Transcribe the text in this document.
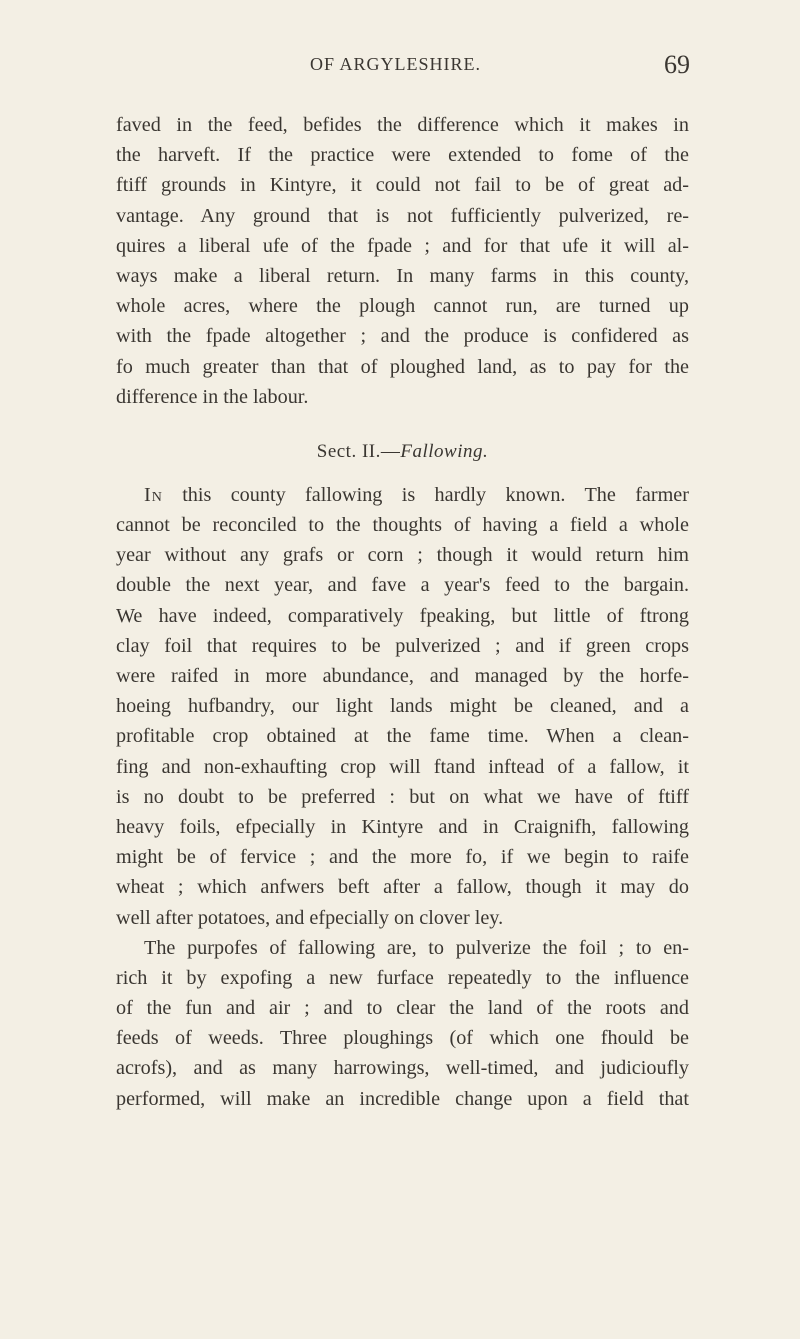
OF ARGYLESHIRE.	69
faved in the feed, befides the difference which it makes in
the harveft. If the practice were extended to fome of the
ftiff grounds in Kintyre, it could not fail to be of great ad-
vantage. Any ground that is not fufficiently pulverized, re-
quires a liberal ufe of the fpade ; and for that ufe it will al-
ways make a liberal return. In many farms in this county,
whole acres, where the plough cannot run, are turned up
with the fpade altogether ; and the produce is confidered as
fo much greater than that of ploughed land, as to pay for the
difference in the labour.
Sect. II.—Fallowing.
In this county fallowing is hardly known. The farmer
cannot be reconciled to the thoughts of having a field a whole
year without any grafs or corn ; though it would return him
double the next year, and fave a year's feed to the bargain.
We have indeed, comparatively fpeaking, but little of ftrong
clay foil that requires to be pulverized ; and if green crops
were raifed in more abundance, and managed by the horfe-
hoeing hufbandry, our light lands might be cleaned, and a
profitable crop obtained at the fame time. When a clean-
fing and non-exhaufting crop will ftand inftead of a fallow, it
is no doubt to be preferred : but on what we have of ftiff
heavy foils, efpecially in Kintyre and in Craignifh, fallowing
might be of fervice ; and the more fo, if we begin to raife
wheat ; which anfwers beft after a fallow, though it may do
well after potatoes, and efpecially on clover ley.
The purpofes of fallowing are, to pulverize the foil ; to en-
rich it by expofing a new furface repeatedly to the influence
of the fun and air ; and to clear the land of the roots and
feeds of weeds. Three ploughings (of which one fhould be
acrofs), and as many harrowings, well-timed, and judicioufly
performed, will make an incredible change upon a field that
